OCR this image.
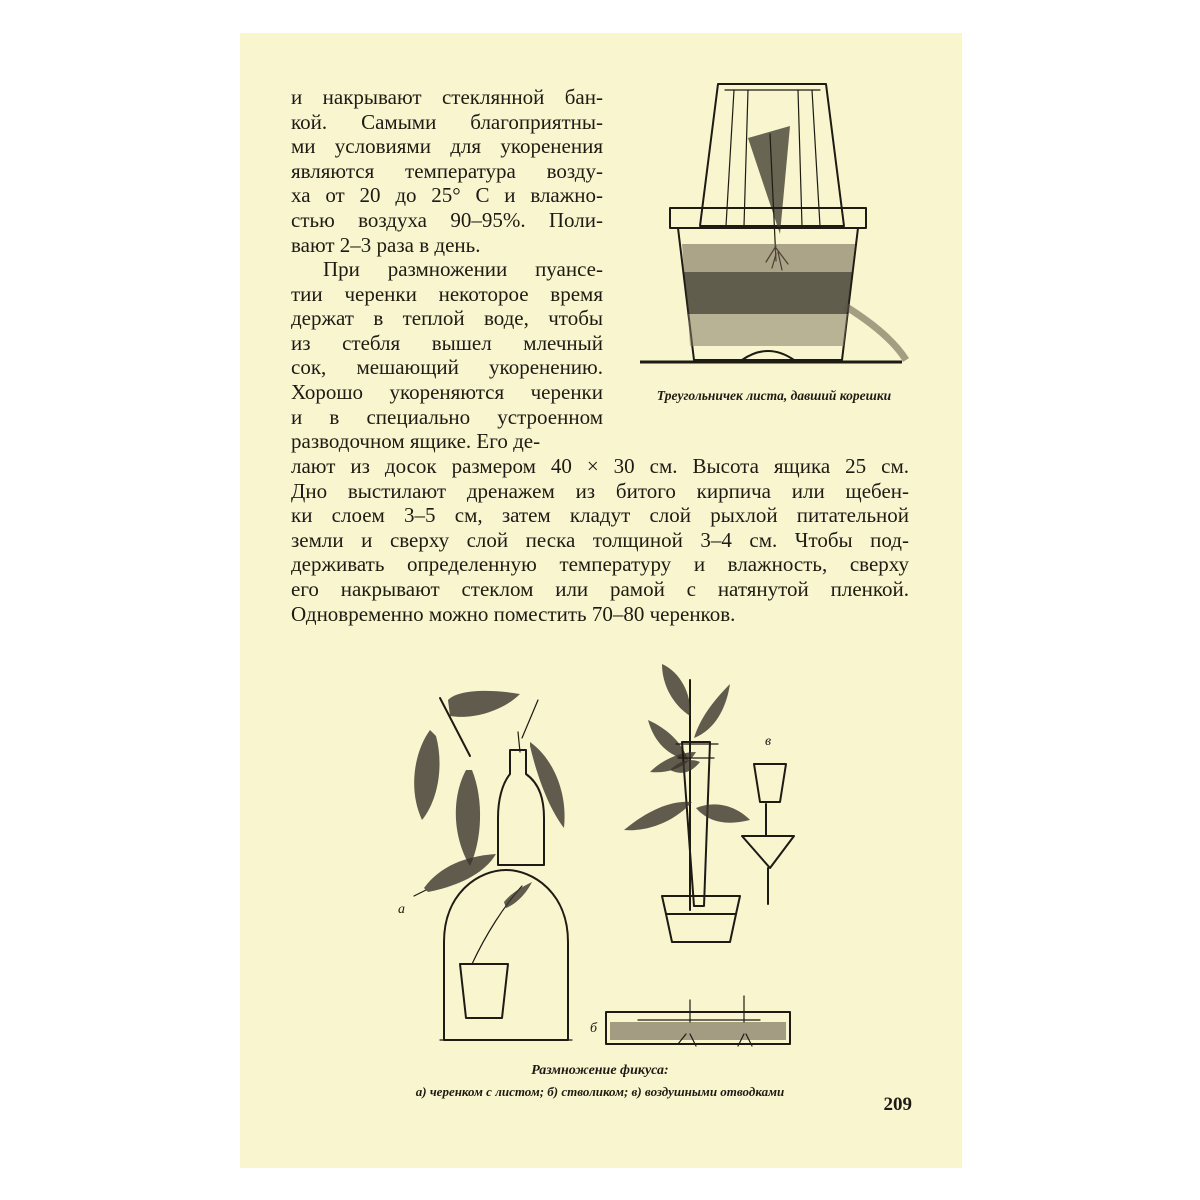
и накрывают стеклянной бан-
кой. Самыми благоприятны-
ми условиями для укоренения
являются температура возду-
ха от 20 до 25° С и влажно-
стью воздуха 90–95%. Поли-
вают 2–3 раза в день.
При размножении пуансе-
тии черенки некоторое время
держат в теплой воде, чтобы
из стебля вышел млечный
сок, мешающий укоренению.
Хорошо укореняются черенки
и в специально устроенном
разводочном ящике. Его де-
лают из досок размером 40 × 30 см. Высота ящика 25 см.
Дно выстилают дренажем из битого кирпича или щебен-
ки слоем 3–5 см, затем кладут слой рыхлой питательной
земли и сверху слой песка толщиной 3–4 см. Чтобы под-
держивать определенную температуру и влажность, сверху
его накрывают стеклом или рамой с натянутой пленкой.
Одновременно можно поместить 70–80 черенков.
Треугольничек листа, давший корешки
а
б
в
Размножение фикуса:
а) черенком с листом; б) стволиком; в) воздушными отводками
209
